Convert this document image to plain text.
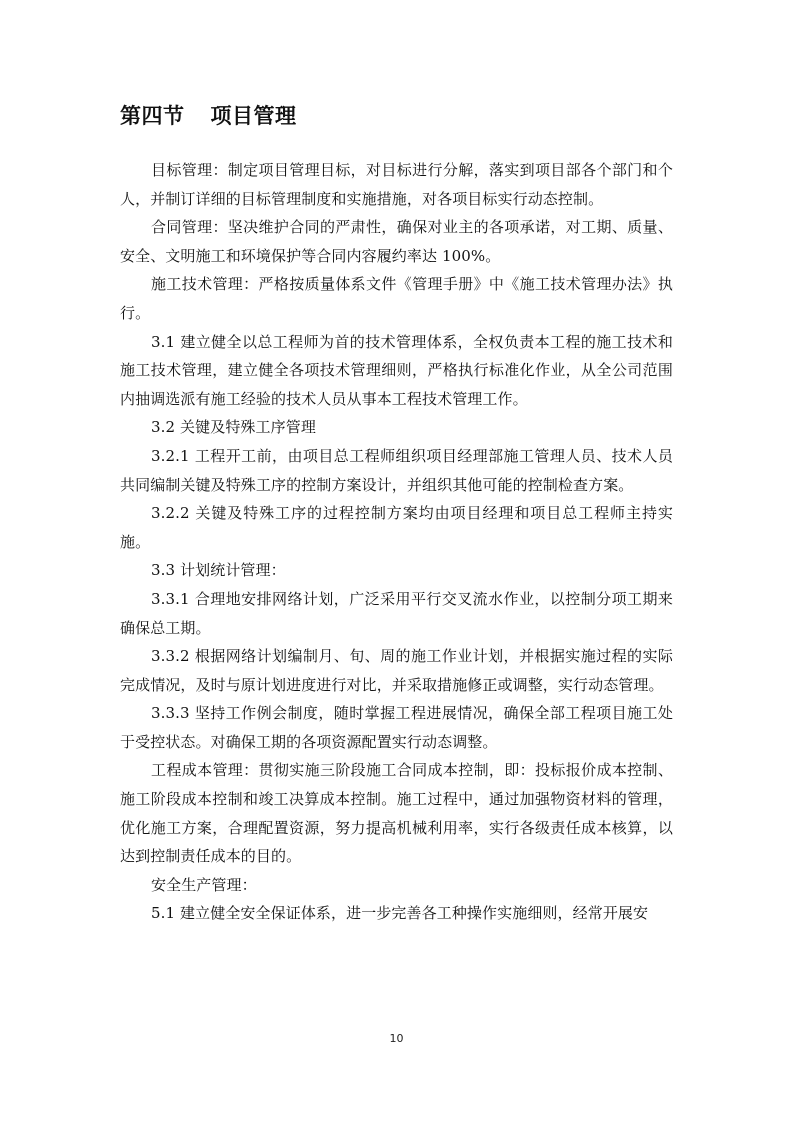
第四节 项目管理

目标管理：制定项目管理目标，对目标进行分解，落实到项目部各个部门和个人，并制订详细的目标管理制度和实施措施，对各项目标实行动态控制。

合同管理：坚决维护合同的严肃性，确保对业主的各项承诺，对工期、质量、安全、文明施工和环境保护等合同内容履约率达 100%。

施工技术管理：严格按质量体系文件《管理手册》中《施工技术管理办法》执行。

3.1 建立健全以总工程师为首的技术管理体系，全权负责本工程的施工技术和施工技术管理，建立健全各项技术管理细则，严格执行标准化作业，从全公司范围内抽调选派有施工经验的技术人员从事本工程技术管理工作。

3.2 关键及特殊工序管理

3.2.1 工程开工前，由项目总工程师组织项目经理部施工管理人员、技术人员共同编制关键及特殊工序的控制方案设计，并组织其他可能的控制检查方案。

3.2.2 关键及特殊工序的过程控制方案均由项目经理和项目总工程师主持实施。

3.3 计划统计管理：

3.3.1 合理地安排网络计划，广泛采用平行交叉流水作业，以控制分项工期来确保总工期。

3.3.2 根据网络计划编制月、旬、周的施工作业计划，并根据实施过程的实际完成情况，及时与原计划进度进行对比，并采取措施修正或调整，实行动态管理。

3.3.3 坚持工作例会制度，随时掌握工程进展情况，确保全部工程项目施工处于受控状态。对确保工期的各项资源配置实行动态调整。

工程成本管理：贯彻实施三阶段施工合同成本控制，即：投标报价成本控制、施工阶段成本控制和竣工决算成本控制。施工过程中，通过加强物资材料的管理，优化施工方案，合理配置资源，努力提高机械利用率，实行各级责任成本核算，以达到控制责任成本的目的。

安全生产管理：

5.1 建立健全安全保证体系，进一步完善各工种操作实施细则，经常开展安

10
